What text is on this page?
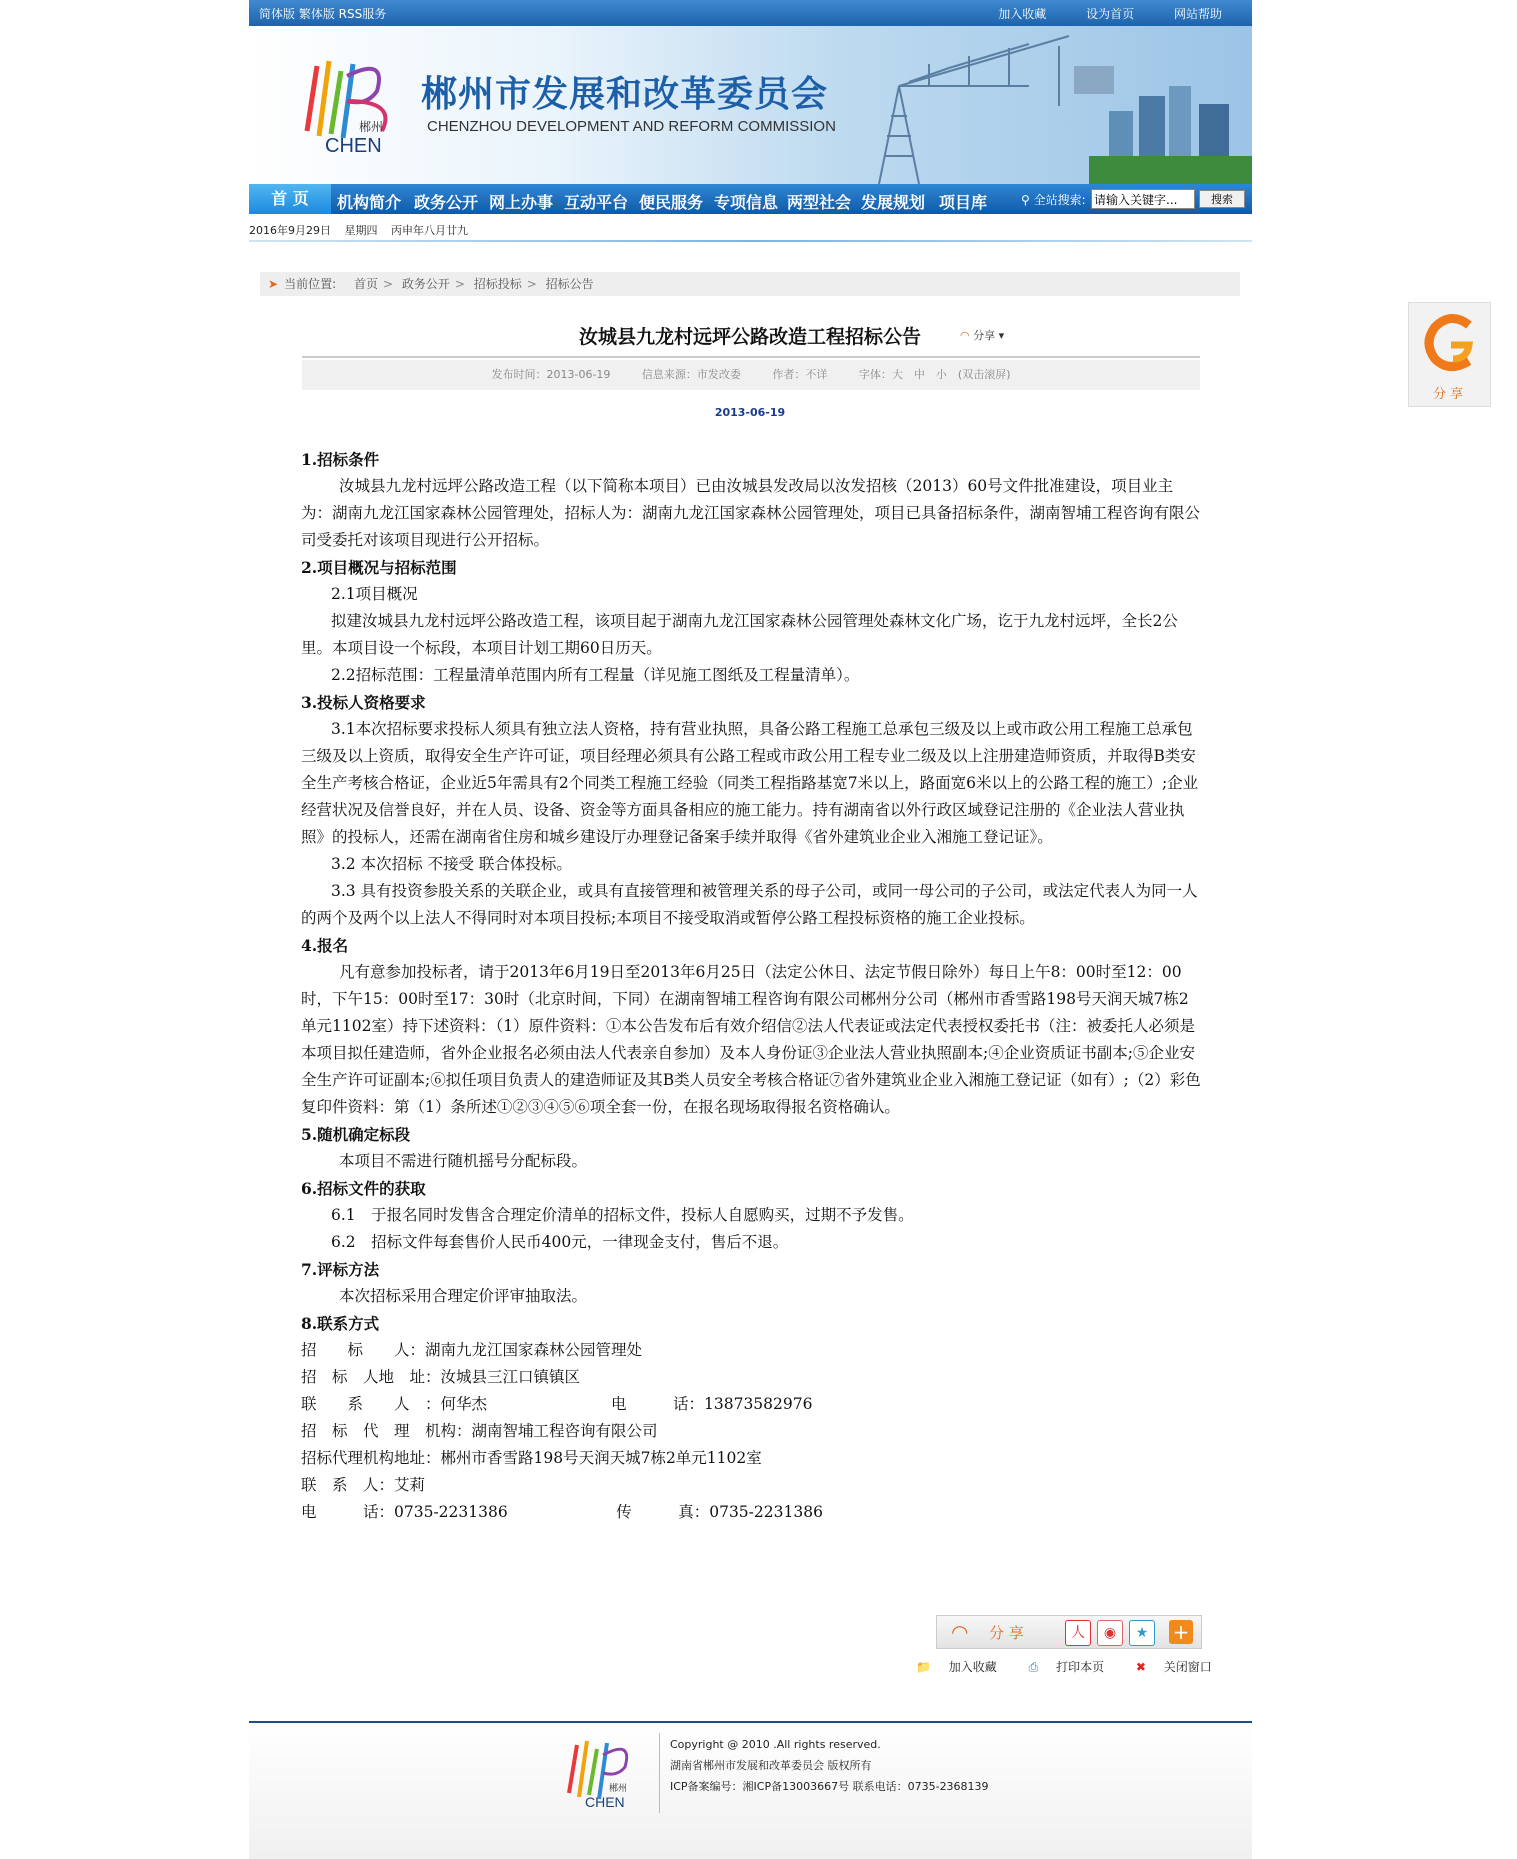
简体版 繁体版 RSS服务	加入收藏	设为首页	网站帮助
郴州
CHEN
郴州市发展和改革委员会
CHENZHOU DEVELOPMENT AND REFORM COMMISSION
首 页	机构简介 政务公开 网上办事 互动平台 便民服务 专项信息 两型社会 发展规划 项目库	⚲ 全站搜索:
请输入关键字...	搜索
2016年9月29日 星期四 丙申年八月廿九
➤ 当前位置: 首页 > 政务公开 > 招标投标 > 招标公告
汝城县九龙村远坪公路改造工程招标公告	◠ 分享 ▾
发布时间：2013-06-19	信息来源：市发改委	作者：不详	字体：大　中　小　(双击滚屏)
2013-06-19

1.招标条件

汝城县九龙村远坪公路改造工程（以下简称本项目）已由汝城县发改局以汝发招核（2013）60号文件批准建设，项目业主为：湖南九龙江国家森林公园管理处，招标人为：湖南九龙江国家森林公园管理处，项目已具备招标条件，湖南智埔工程咨询有限公司受委托对该项目现进行公开招标。

2.项目概况与招标范围

2.1项目概况

拟建汝城县九龙村远坪公路改造工程，该项目起于湖南九龙江国家森林公园管理处森林文化广场，讫于九龙村远坪，全长2公里。本项目设一个标段，本项目计划工期60日历天。

2.2招标范围：工程量清单范围内所有工程量（详见施工图纸及工程量清单）。

3.投标人资格要求

3.1本次招标要求投标人须具有独立法人资格，持有营业执照，具备公路工程施工总承包三级及以上或市政公用工程施工总承包三级及以上资质，取得安全生产许可证，项目经理必须具有公路工程或市政公用工程专业二级及以上注册建造师资质，并取得B类安全生产考核合格证，企业近5年需具有2个同类工程施工经验（同类工程指路基宽7米以上，路面宽6米以上的公路工程的施工）;企业经营状况及信誉良好，并在人员、设备、资金等方面具备相应的施工能力。持有湖南省以外行政区域登记注册的《企业法人营业执照》的投标人，还需在湖南省住房和城乡建设厅办理登记备案手续并取得《省外建筑业企业入湘施工登记证》。

3.2 本次招标 不接受 联合体投标。

3.3 具有投资参股关系的关联企业，或具有直接管理和被管理关系的母子公司，或同一母公司的子公司，或法定代表人为同一人的两个及两个以上法人不得同时对本项目投标;本项目不接受取消或暂停公路工程投标资格的施工企业投标。

4.报名

凡有意参加投标者，请于2013年6月19日至2013年6月25日（法定公休日、法定节假日除外）每日上午8：00时至12：00时，下午15：00时至17：30时（北京时间，下同）在湖南智埔工程咨询有限公司郴州分公司（郴州市香雪路198号天润天城7栋2单元1102室）持下述资料：（1）原件资料：①本公告发布后有效介绍信②法人代表证或法定代表授权委托书（注：被委托人必须是本项目拟任建造师，省外企业报名必须由法人代表亲自参加）及本人身份证③企业法人营业执照副本;④企业资质证书副本;⑤企业安全生产许可证副本;⑥拟任项目负责人的建造师证及其B类人员安全考核合格证⑦省外建筑业企业入湘施工登记证（如有）;（2）彩色复印件资料：第（1）条所述①②③④⑤⑥项全套一份，在报名现场取得报名资格确认。

5.随机确定标段

本项目不需进行随机摇号分配标段。

6.招标文件的获取

6.1　于报名同时发售含合理定价清单的招标文件，投标人自愿购买，过期不予发售。

6.2　招标文件每套售价人民币400元，一律现金支付，售后不退。

7.评标方法

本次招标采用合理定价评审抽取法。

8.联系方式

招　　标　　人：湖南九龙江国家森林公园管理处

招　标　人地　址：汝城县三江口镇镇区

联　　系　　人　：何华杰　　　　　　　　电　　　话：13873582976

招　标　代　理　机构：湖南智埔工程咨询有限公司

招标代理机构地址：郴州市香雪路198号天润天城7栋2单元1102室

联　系　人：艾莉

电　　　话：0735-2231386　　　　　　　传　　　真：0735-2231386

◠ 分 享	人	◉	★	+
📁 加入收藏	⎙ 打印本页	✖ 关闭窗口
分 享
郴州
CHEN
Copyright @ 2010 .All rights reserved.
湖南省郴州市发展和改革委员会 版权所有
ICP备案编号：湘ICP备13003667号 联系电话：0735-2368139
